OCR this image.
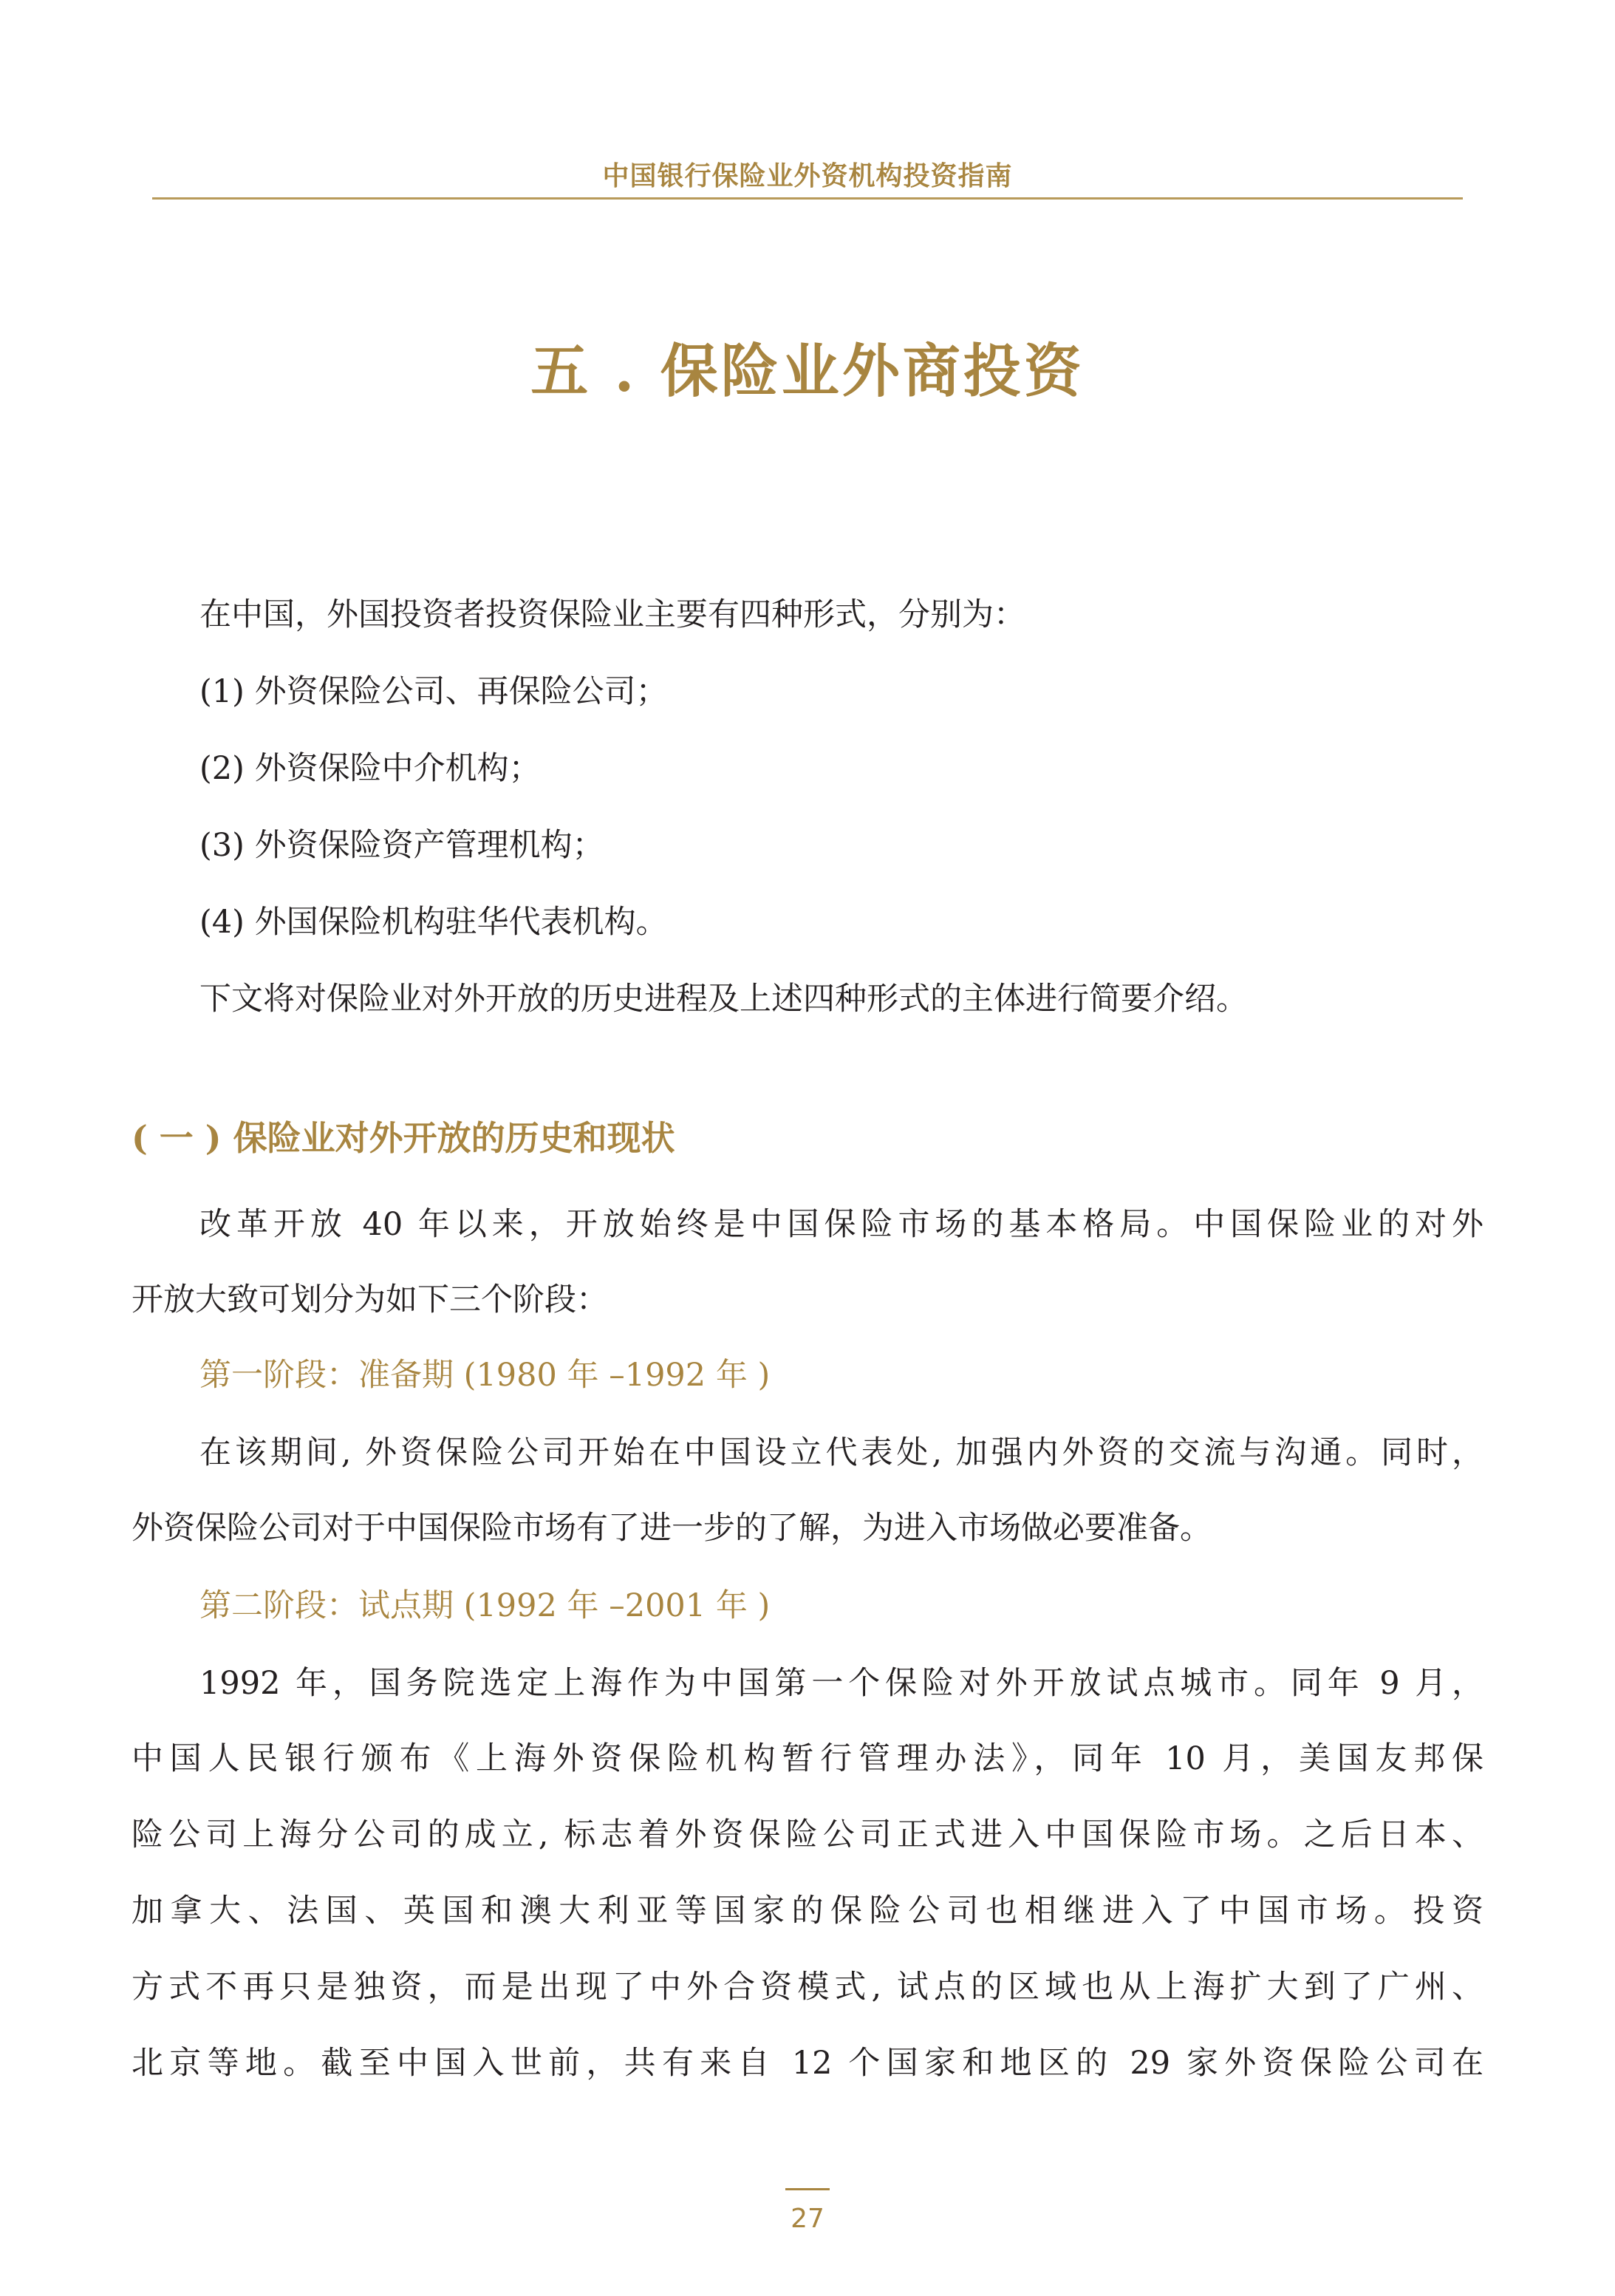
中国银行保险业外资机构投资指南
五 . 保险业外商投资

在中国，外国投资者投资保险业主要有四种形式，分别为：

(1) 外资保险公司、再保险公司；

(2) 外资保险中介机构；

(3) 外资保险资产管理机构；

(4) 外国保险机构驻华代表机构。

下文将对保险业对外开放的历史进程及上述四种形式的主体进行简要介绍。

( 一 ) 保险业对外开放的历史和现状

改革开放 40 年以来，开放始终是中国保险市场的基本格局。中国保险业的对外

开放大致可划分为如下三个阶段：

第一阶段：准备期 (1980 年 –1992 年 )

在该期间, 外资保险公司开始在中国设立代表处, 加强内外资的交流与沟通。同时，

外资保险公司对于中国保险市场有了进一步的了解，为进入市场做必要准备。

第二阶段：试点期 (1992 年 –2001 年 )

1992 年，国务院选定上海作为中国第一个保险对外开放试点城市。同年 9 月，

中国人民银行颁布《上海外资保险机构暂行管理办法》，同年 10 月，美国友邦保

险公司上海分公司的成立, 标志着外资保险公司正式进入中国保险市场。之后日本、

加拿大、法国、英国和澳大利亚等国家的保险公司也相继进入了中国市场。投资

方式不再只是独资，而是出现了中外合资模式, 试点的区域也从上海扩大到了广州、

北京等地。截至中国入世前，共有来自 12 个国家和地区的 29 家外资保险公司在

27
